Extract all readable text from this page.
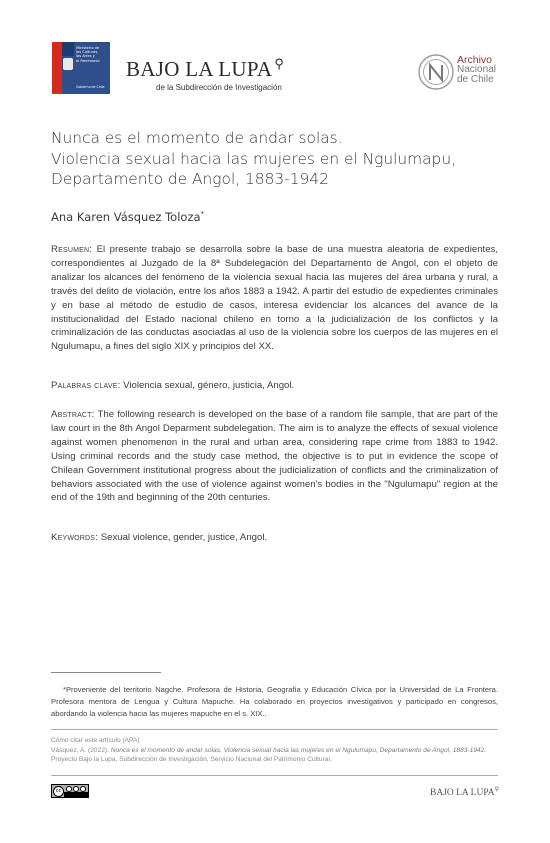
Ministerio de
las Culturas,
las Artes y
el Patrimonio
Gobierno de Chile
BAJO LA LUPA ⚲
de la Subdirección de Investigación
Archivo
Nacional
de Chile
Nunca es el momento de andar solas.
Violencia sexual hacia las mujeres en el Ngulumapu,
Departamento de Angol, 1883-1942
Ana Karen Vásquez Toloza*
Resumen: El presente trabajo se desarrolla sobre la base de una muestra aleatoria de expedientes, correspondientes al Juzgado de la 8ª Subdelegación del Departamento de Angol, con el objeto de analizar los alcances del fenómeno de la violencia sexual hacia las mujeres del área urbana y rural, a través del delito de violación, entre los años 1883 a 1942. A partir del estudio de expedientes criminales y en base al método de estudio de casos, interesa evidenciar los alcances del avance de la institucionalidad del Estado nacional chileno en torno a la judicialización de los conflictos y la criminalización de las conductas asociadas al uso de la violencia sobre los cuerpos de las mujeres en el Ngulumapu, a fines del siglo XIX y principios del XX.
Palabras clave: Violencia sexual, género, justicia, Angol.
Abstract: The following research is developed on the base of a random file sample, that are part of the law court in the 8th Angol Deparment subdelegation. The aim is to analyze the effects of sexual violence against women phenomenon in the rural and urban area, considering rape crime from 1883 to 1942. Using criminal records and the study case method, the objective is to put in evidence the scope of Chilean Government institutional progress about the judicialization of conflicts and the criminalization of behaviors associated with the use of violence against women's bodies in the "Ngulumapu" region at the end of the 19th and beginning of the 20th centuries.
Keywords: Sexual violence, gender, justice, Angol.
*Proveniente del territorio Nagche. Profesora de Historia, Geografía y Educación Cívica por la Universidad de La Frontera. Profesora mentora de Lengua y Cultura Mapuche. Ha colaborado en proyectos investigativos y participado en congresos, abordando la violencia hacia las mujeres mapuche en el s. XIX..
Cómo citar este artículo (APA)
Vásquez, A. (2022). Nunca es el momento de andar solas. Violencia sexual hacia las mujeres en el Ngulumapu, Departamento de Angol, 1883-1942. Proyecto Bajo la Lupa, Subdirección de Investigación, Servicio Nacional del Patrimonio Cultural.
cc	BAJO LA LUPA⚲
